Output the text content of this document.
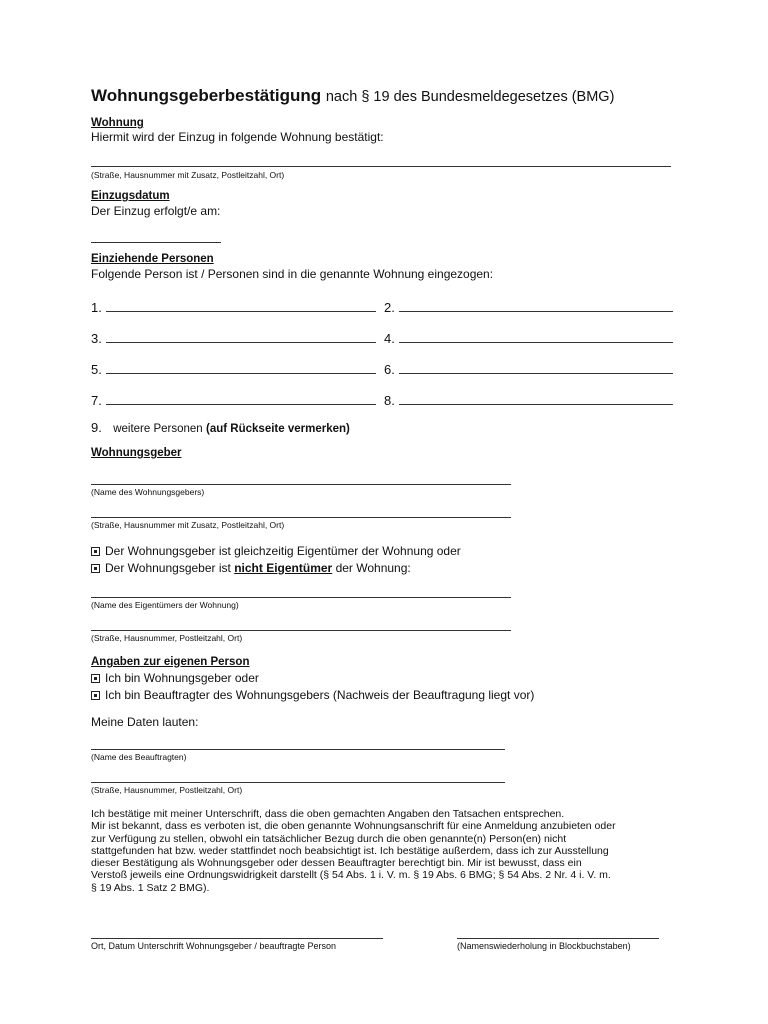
Wohnungsgeberbestätigung nach § 19 des Bundesmeldegesetzes (BMG)
Wohnung
Hiermit wird der Einzug in folgende Wohnung bestätigt:
(Straße, Hausnummer mit Zusatz, Postleitzahl, Ort)
Einzugsdatum
Der Einzug erfolgt/e am:
Einziehende Personen
Folgende Person ist / Personen sind in die genannte Wohnung eingezogen:
1.	2.
3.	4.
5.	6.
7.	8.
9. weitere Personen (auf Rückseite vermerken)
Wohnungsgeber
(Name des Wohnungsgebers)
(Straße, Hausnummer mit Zusatz, Postleitzahl, Ort)
Der Wohnungsgeber ist gleichzeitig Eigentümer der Wohnung oder
Der Wohnungsgeber ist nicht Eigentümer der Wohnung:
(Name des Eigentümers der Wohnung)
(Straße, Hausnummer, Postleitzahl, Ort)
Angaben zur eigenen Person
Ich bin Wohnungsgeber oder
Ich bin Beauftragter des Wohnungsgebers (Nachweis der Beauftragung liegt vor)
Meine Daten lauten:
(Name des Beauftragten)
(Straße, Hausnummer, Postleitzahl, Ort)
Ich bestätige mit meiner Unterschrift, dass die oben gemachten Angaben den Tatsachen entsprechen.
Mir ist bekannt, dass es verboten ist, die oben genannte Wohnungsanschrift für eine Anmeldung anzubieten oder
zur Verfügung zu stellen, obwohl ein tatsächlicher Bezug durch die oben genannte(n) Person(en) nicht
stattgefunden hat bzw. weder stattfindet noch beabsichtigt ist. Ich bestätige außerdem, dass ich zur Ausstellung
dieser Bestätigung als Wohnungsgeber oder dessen Beauftragter berechtigt bin. Mir ist bewusst, dass ein
Verstoß jeweils eine Ordnungswidrigkeit darstellt (§ 54 Abs. 1 i. V. m. § 19 Abs. 6 BMG; § 54 Abs. 2 Nr. 4 i. V. m.
§ 19 Abs. 1 Satz 2 BMG).
Ort, Datum Unterschrift Wohnungsgeber / beauftragte Person	(Namenswiederholung in Blockbuchstaben)
